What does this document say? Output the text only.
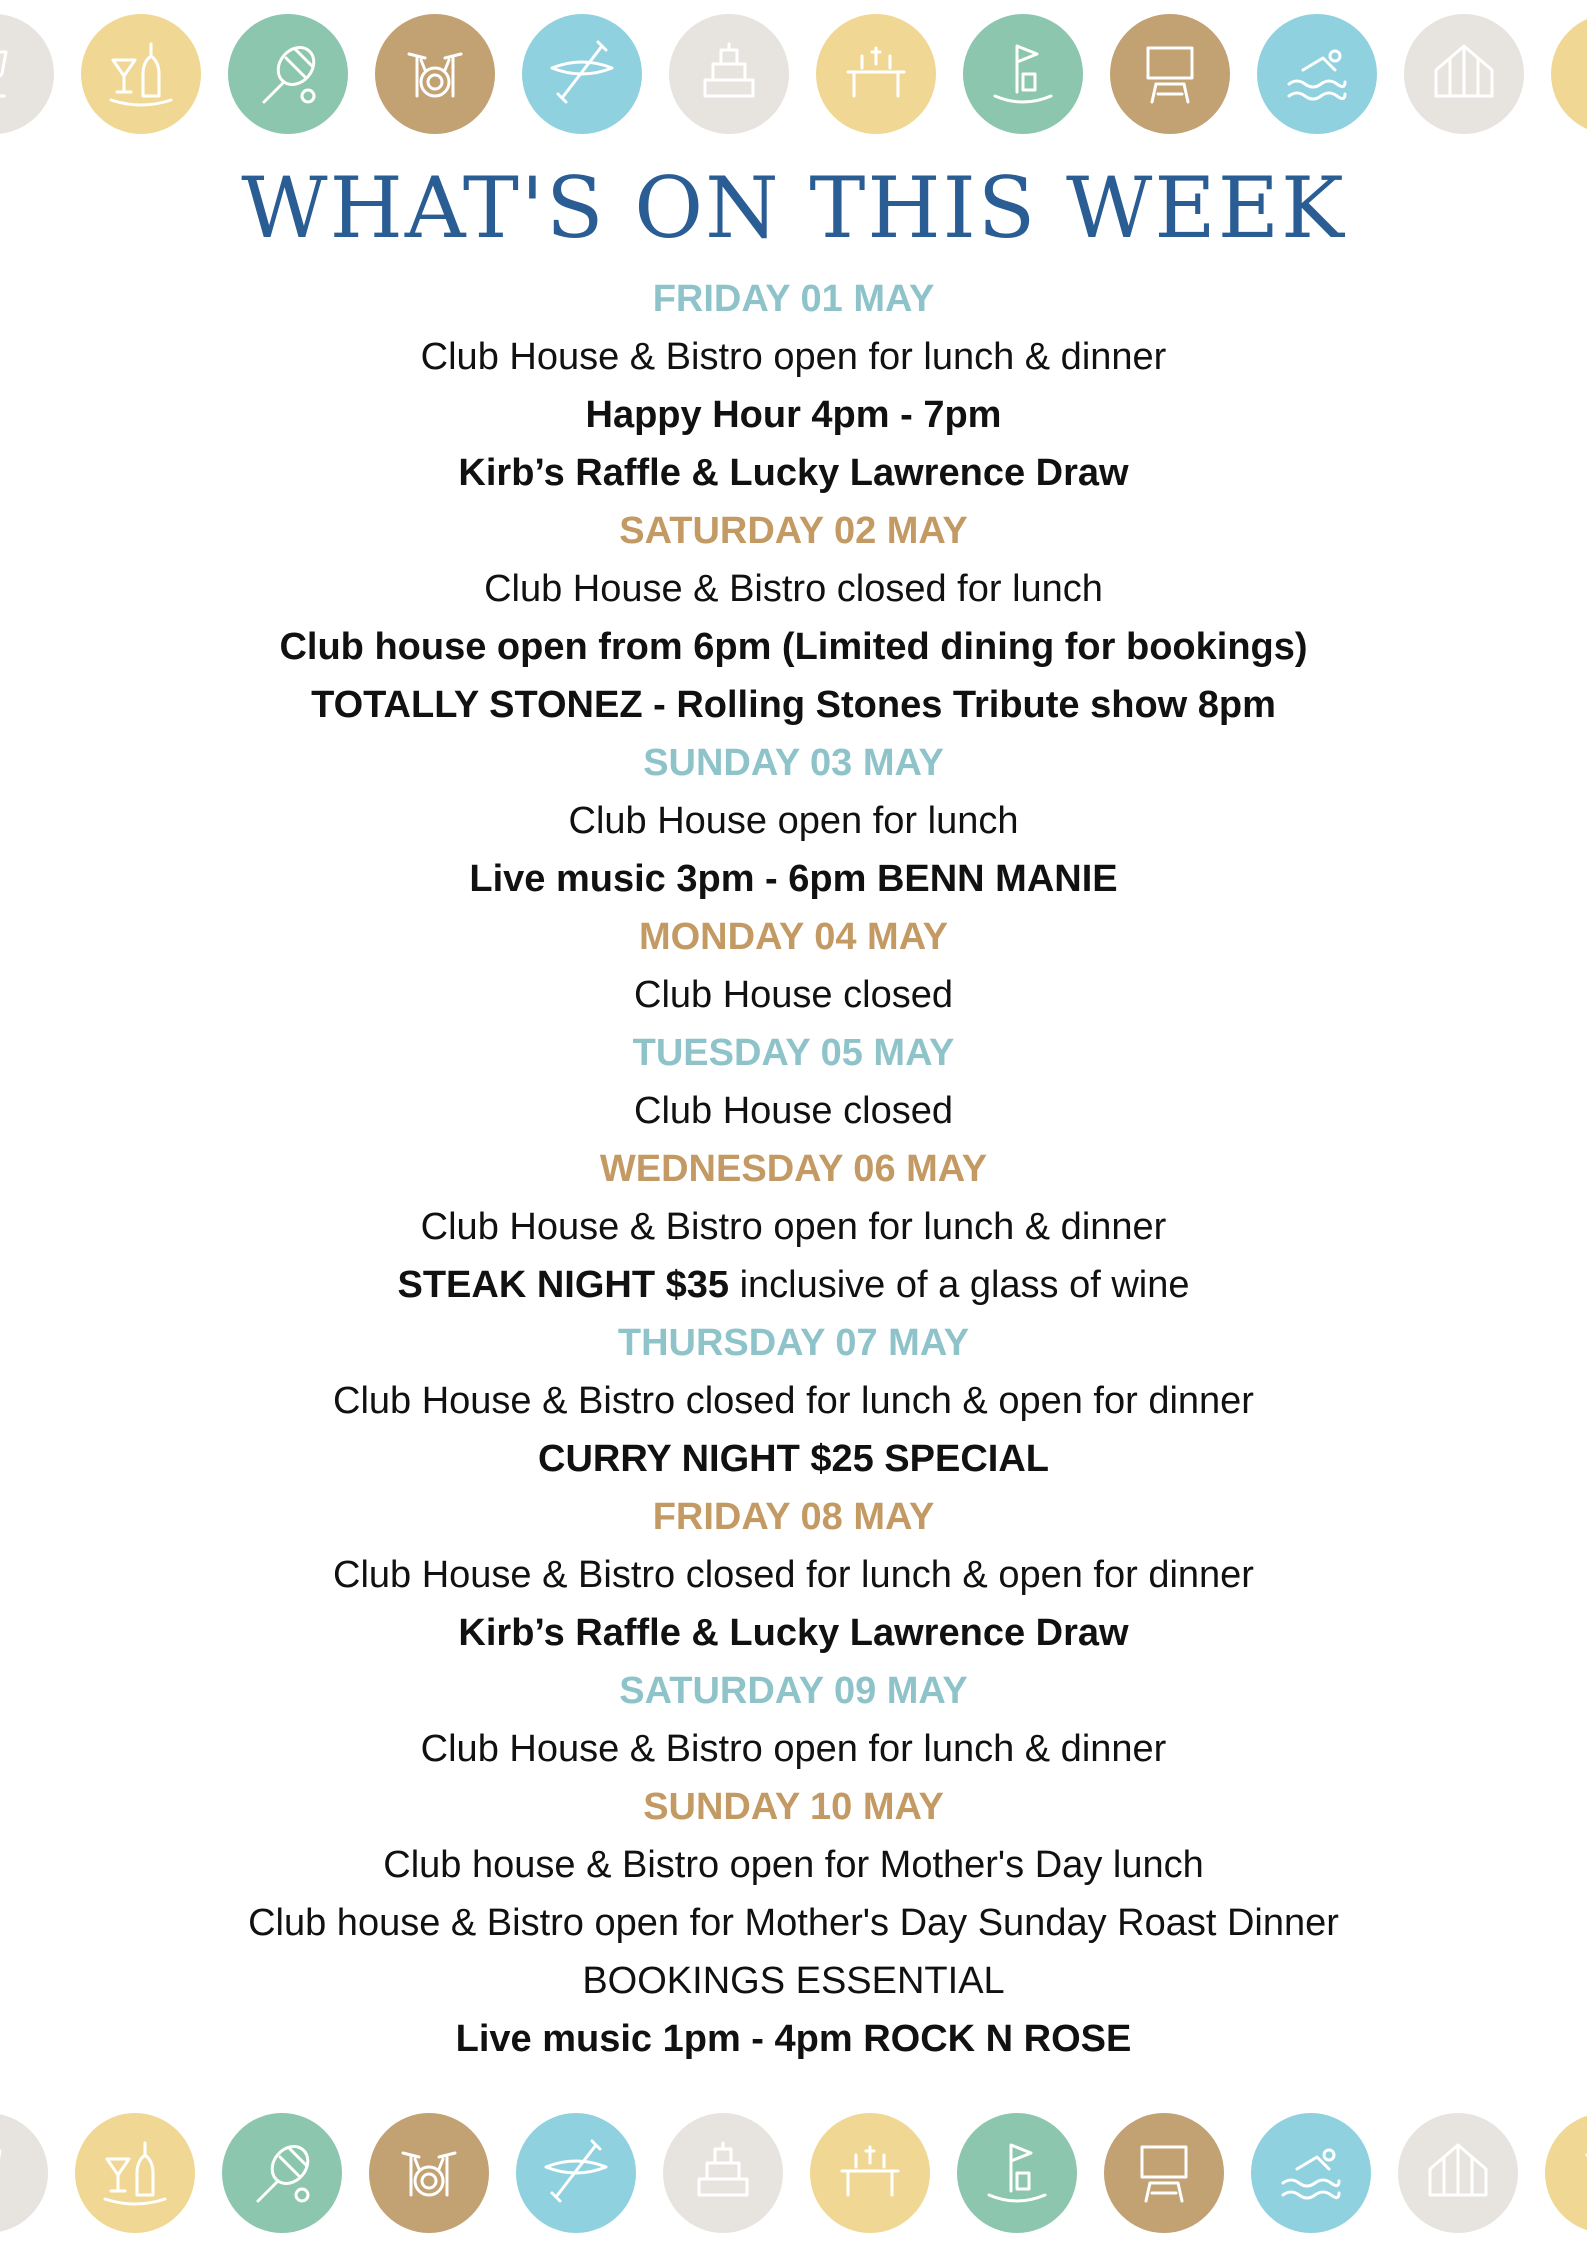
WHAT'S ON THIS WEEK
FRIDAY 01 MAY
Club House & Bistro open for lunch & dinner
Happy Hour 4pm - 7pm
Kirb’s Raffle & Lucky Lawrence Draw
SATURDAY 02 MAY
Club House & Bistro closed for lunch
Club house open from 6pm (Limited dining for bookings)
TOTALLY STONEZ - Rolling Stones Tribute show 8pm
SUNDAY 03 MAY
Club House open for lunch
Live music 3pm - 6pm BENN MANIE
MONDAY 04 MAY
Club House closed
TUESDAY 05 MAY
Club House closed
WEDNESDAY 06 MAY
Club House & Bistro open for lunch & dinner
STEAK NIGHT $35 inclusive of a glass of wine
THURSDAY 07 MAY
Club House & Bistro closed for lunch & open for dinner
CURRY NIGHT $25 SPECIAL
FRIDAY 08 MAY
Club House & Bistro closed for lunch & open for dinner
Kirb’s Raffle & Lucky Lawrence Draw
SATURDAY 09 MAY
Club House & Bistro open for lunch & dinner
SUNDAY 10 MAY
Club house & Bistro open for Mother's Day lunch
Club house & Bistro open for Mother's Day Sunday Roast Dinner
BOOKINGS ESSENTIAL
Live music 1pm - 4pm ROCK N ROSE
